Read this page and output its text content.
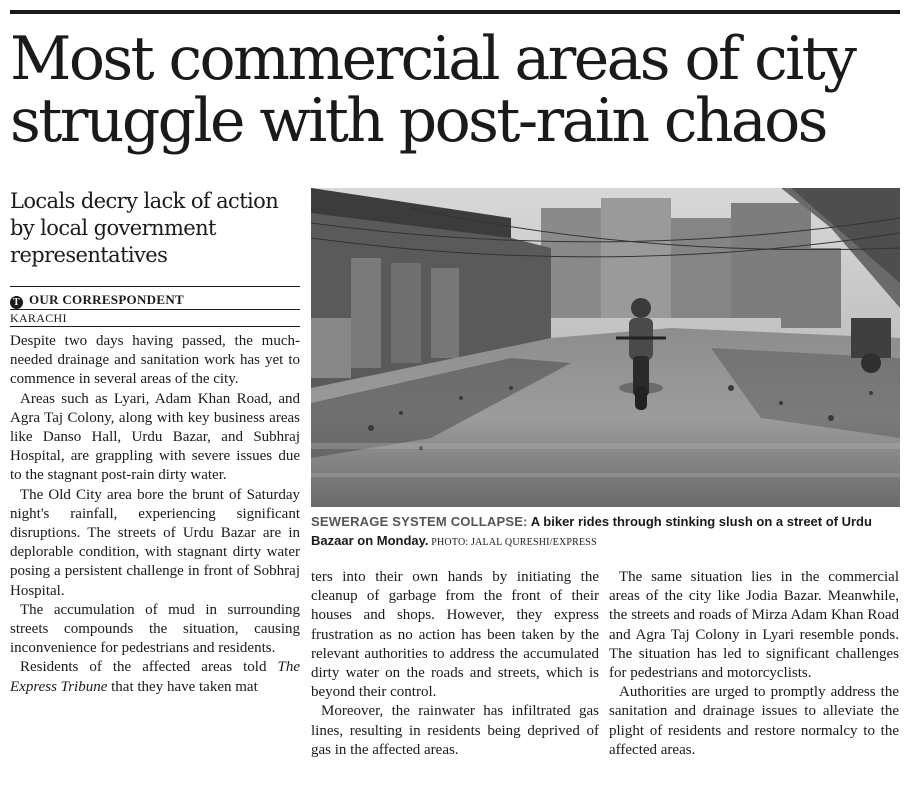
Most commercial areas of city
struggle with post-rain chaos
Locals decry lack of action by local government representatives
T OUR CORRESPONDENT
KARACHI

Despite two days having passed, the much-needed drainage and sanitation work has yet to commence in several areas of the city.

Areas such as Lyari, Adam Khan Road, and Agra Taj Colony, along with key business areas like Danso Hall, Urdu Bazar, and Subhraj Hospital, are grappling with severe issues due to the stagnant post-rain dirty water.

The Old City area bore the brunt of Saturday night's rainfall, experiencing significant disruptions. The streets of Urdu Bazar are in deplorable condition, with stagnant dirty water posing a persistent challenge in front of Sobhraj Hospital.

The accumulation of mud in surrounding streets compounds the situation, causing inconvenience for pedestrians and residents.

Residents of the affected areas told The Express Tribune that they have taken mat

SEWERAGE SYSTEM COLLAPSE: A biker rides through stinking slush on a street of Urdu Bazaar on Monday. PHOTO: JALAL QURESHI/EXPRESS

ters into their own hands by initiating the cleanup of garbage from the front of their houses and shops. However, they express frustration as no action has been taken by the relevant authorities to address the accumulated dirty water on the roads and streets, which is beyond their control.

Moreover, the rainwater has infiltrated gas lines, resulting in residents being deprived of gas in the affected areas.

The same situation lies in the commercial areas of the city like Jodia Bazar. Meanwhile, the streets and roads of Mirza Adam Khan Road and Agra Taj Colony in Lyari resemble ponds. The situation has led to significant challenges for pedestrians and motorcyclists.

Authorities are urged to promptly address the sanitation and drainage issues to alleviate the plight of residents and restore normalcy to the affected areas.
